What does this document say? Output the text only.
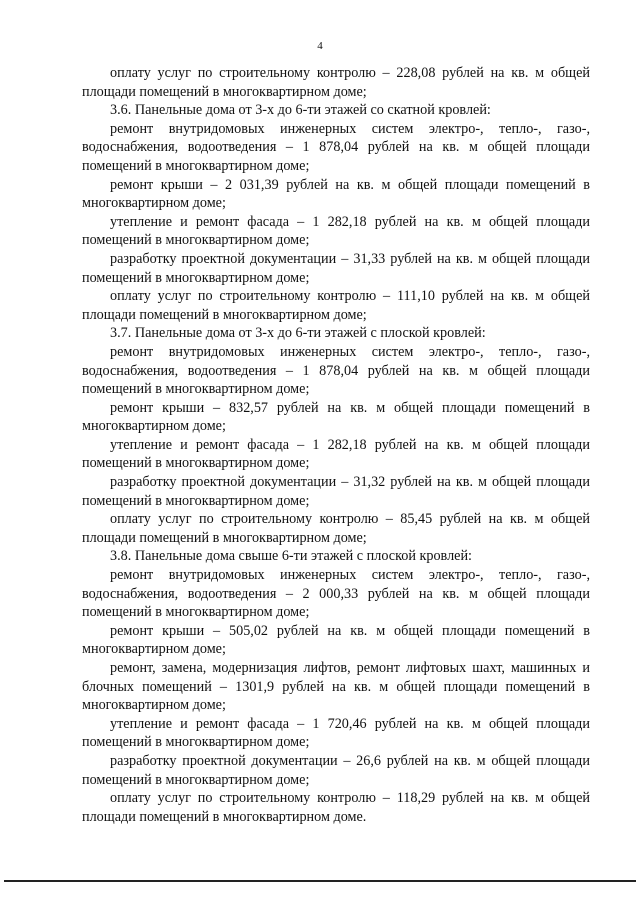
4

оплату услуг по строительному контролю – 228,08 рублей на кв. м общей площади помещений в многоквартирном доме;

3.6. Панельные дома от 3-х до 6-ти этажей со скатной кровлей:

ремонт внутридомовых инженерных систем электро-, тепло-, газо-, водоснабжения, водоотведения – 1 878,04 рублей на кв. м общей площади помещений в многоквартирном доме;

ремонт крыши – 2 031,39 рублей на кв. м общей площади помещений в многоквартирном доме;

утепление и ремонт фасада – 1 282,18 рублей на кв. м общей площади помещений в многоквартирном доме;

разработку проектной документации – 31,33 рублей на кв. м общей площади помещений в многоквартирном доме;

оплату услуг по строительному контролю – 111,10 рублей на кв. м общей площади помещений в многоквартирном доме;

3.7. Панельные дома от 3-х до 6-ти этажей с плоской кровлей:

ремонт внутридомовых инженерных систем электро-, тепло-, газо-, водоснабжения, водоотведения – 1 878,04 рублей на кв. м общей площади помещений в многоквартирном доме;

ремонт крыши – 832,57 рублей на кв. м общей площади помещений в многоквартирном доме;

утепление и ремонт фасада – 1 282,18 рублей на кв. м общей площади помещений в многоквартирном доме;

разработку проектной документации – 31,32 рублей на кв. м общей площади помещений в многоквартирном доме;

оплату услуг по строительному контролю – 85,45 рублей на кв. м общей площади помещений в многоквартирном доме;

3.8. Панельные дома свыше 6-ти этажей с плоской кровлей:

ремонт внутридомовых инженерных систем электро-, тепло-, газо-, водоснабжения, водоотведения – 2 000,33 рублей на кв. м общей площади помещений в многоквартирном доме;

ремонт крыши – 505,02 рублей на кв. м общей площади помещений в многоквартирном доме;

ремонт, замена, модернизация лифтов, ремонт лифтовых шахт, машинных и блочных помещений – 1301,9 рублей на кв. м общей площади помещений в многоквартирном доме;

утепление и ремонт фасада – 1 720,46 рублей на кв. м общей площади помещений в многоквартирном доме;

разработку проектной документации – 26,6 рублей на кв. м общей площади помещений в многоквартирном доме;

оплату услуг по строительному контролю – 118,29 рублей на кв. м общей площади помещений в многоквартирном доме.
